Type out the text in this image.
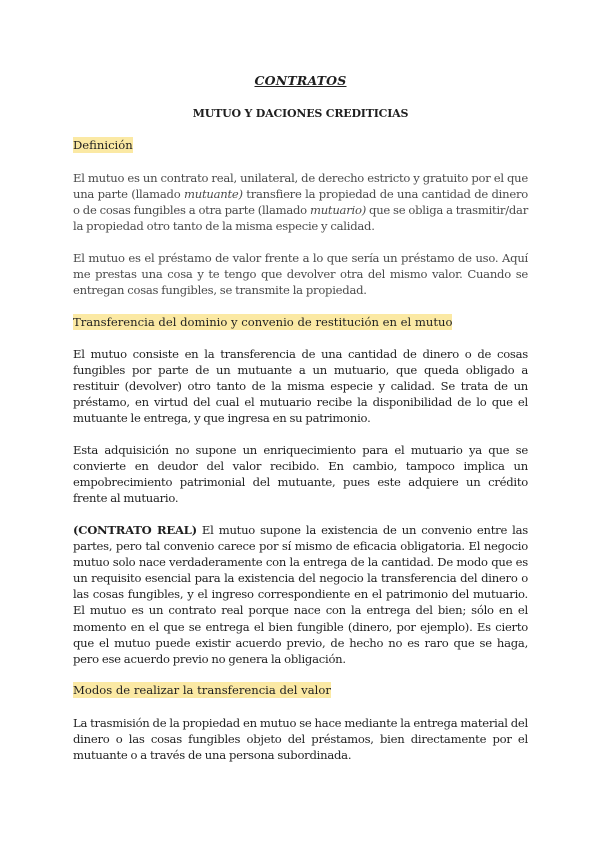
CONTRATOS
MUTUO Y DACIONES CREDITICIAS
Definición

El mutuo es un contrato real, unilateral, de derecho estricto y gratuito por el que una parte (llamado mutuante) transfiere la propiedad de una cantidad de dinero o de cosas fungibles a otra parte (llamado mutuario) que se obliga a trasmitir/dar la propiedad otro tanto de la misma especie y calidad.

El mutuo es el préstamo de valor frente a lo que sería un préstamo de uso. Aquí me prestas una cosa y te tengo que devolver otra del mismo valor. Cuando se entregan cosas fungibles, se transmite la propiedad.

Transferencia del dominio y convenio de restitución en el mutuo

El mutuo consiste en la transferencia de una cantidad de dinero o de cosas fungibles por parte de un mutuante a un mutuario, que queda obligado a restituir (devolver) otro tanto de la misma especie y calidad. Se trata de un préstamo, en virtud del cual el mutuario recibe la disponibilidad de lo que el mutuante le entrega, y que ingresa en su patrimonio.

Esta adquisición no supone un enriquecimiento para el mutuario ya que se convierte en deudor del valor recibido. En cambio, tampoco implica un empobrecimiento patrimonial del mutuante, pues este adquiere un crédito frente al mutuario.

(CONTRATO REAL) El mutuo supone la existencia de un convenio entre las partes, pero tal convenio carece por sí mismo de eficacia obligatoria. El negocio mutuo solo nace verdaderamente con la entrega de la cantidad. De modo que es un requisito esencial para la existencia del negocio la transferencia del dinero o las cosas fungibles, y el ingreso correspondiente en el patrimonio del mutuario. El mutuo es un contrato real porque nace con la entrega del bien; sólo en el momento en el que se entrega el bien fungible (dinero, por ejemplo). Es cierto que el mutuo puede existir acuerdo previo, de hecho no es raro que se haga, pero ese acuerdo previo no genera la obligación.

Modos de realizar la transferencia del valor

La trasmisión de la propiedad en mutuo se hace mediante la entrega material del dinero o las cosas fungibles objeto del préstamos, bien directamente por el mutuante o a través de una persona subordinada.
